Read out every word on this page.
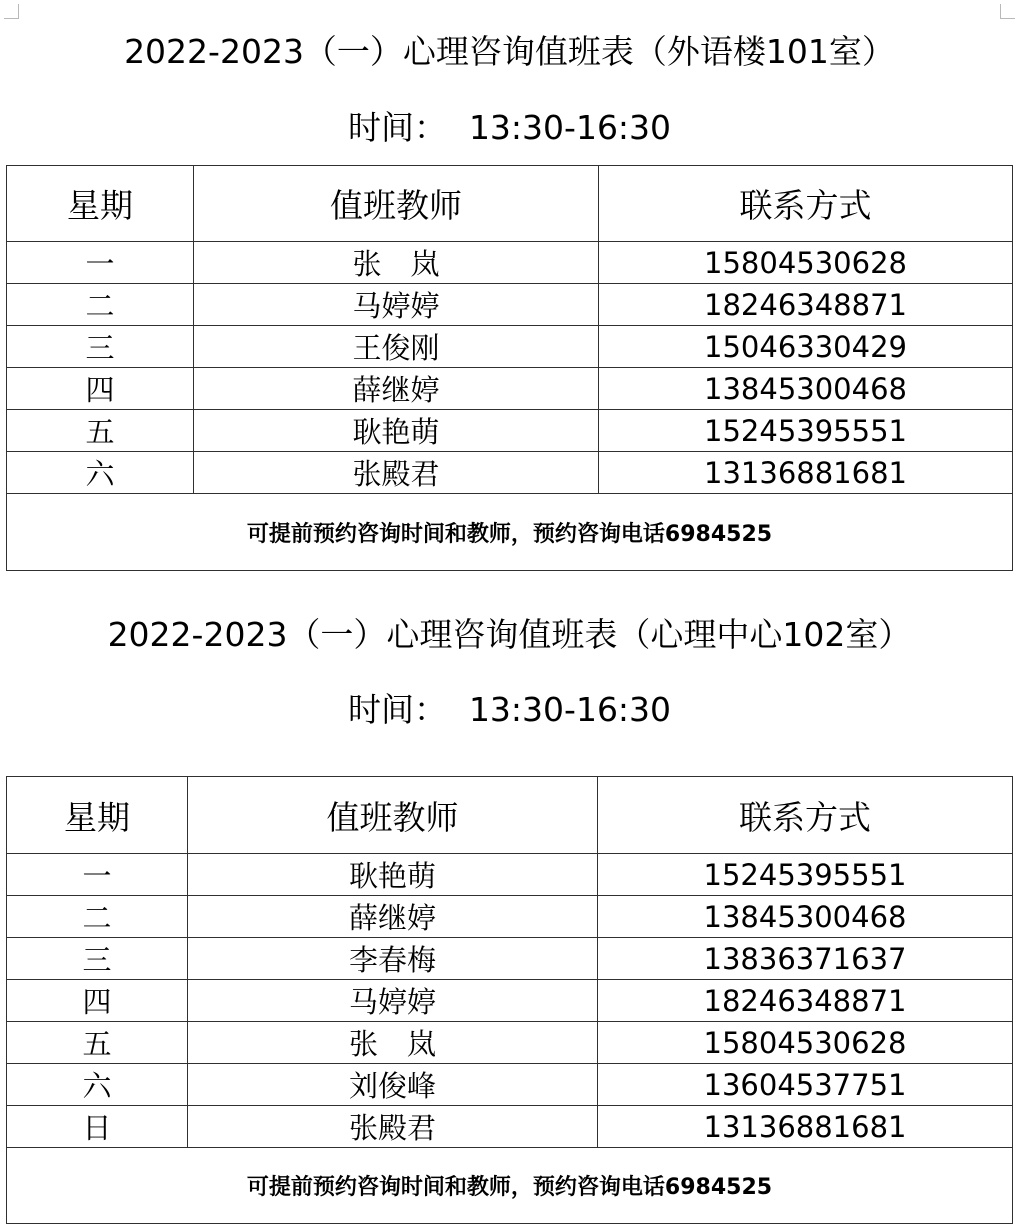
2022-2023（一）心理咨询值班表（外语楼101室）
时间： 13:30-16:30
星期	值班教师	联系方式
一	张　岚	15804530628
二	马婷婷	18246348871
三	王俊刚	15046330429
四	薛继婷	13845300468
五	耿艳萌	15245395551
六	张殿君	13136881681
可提前预约咨询时间和教师，预约咨询电话6984525		
2022-2023（一）心理咨询值班表（心理中心102室）
时间： 13:30-16:30
星期	值班教师	联系方式
一	耿艳萌	15245395551
二	薛继婷	13845300468
三	李春梅	13836371637
四	马婷婷	18246348871
五	张　岚	15804530628
六	刘俊峰	13604537751
日	张殿君	13136881681
可提前预约咨询时间和教师，预约咨询电话6984525		
